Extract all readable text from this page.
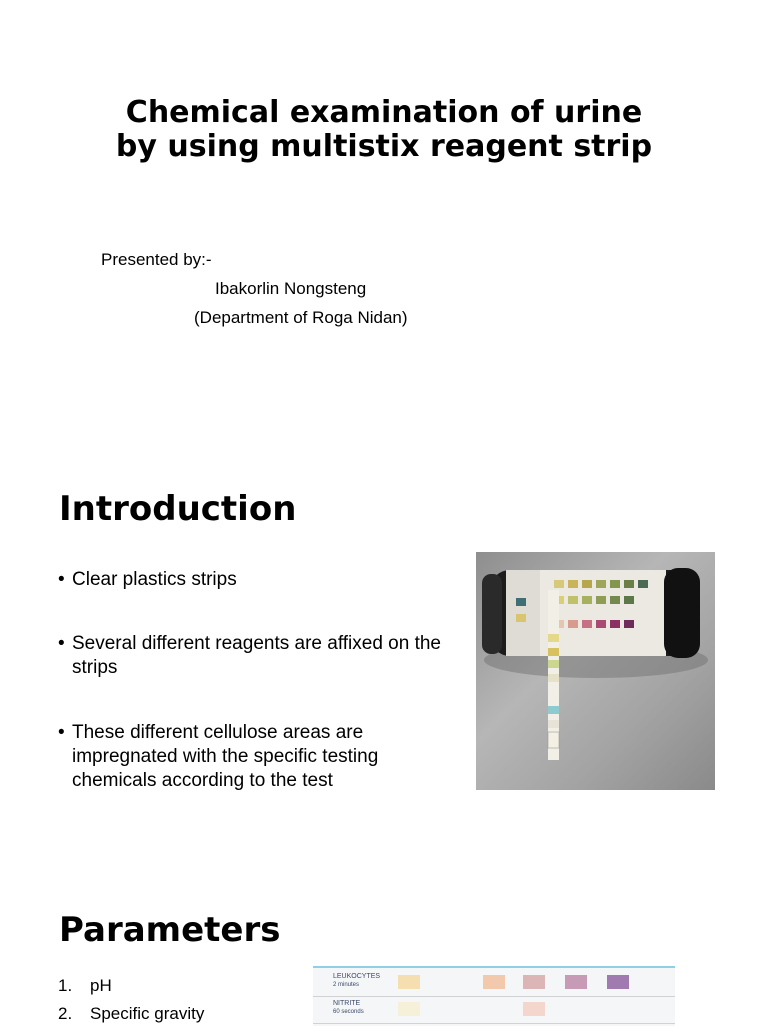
Chemical examination of urine
by using multistix reagent strip
Presented by:-
Ibakorlin Nongsteng
(Department of Roga Nidan)
Introduction
• Clear plastics strips
• Several different reagents are affixed on the strips
• These different cellulose areas are impregnated with the specific testing chemicals according to the test
Parameters
1. pH
2. Specific gravity
LEUKOCYTES
2 minutes
NITRITE
60 seconds
